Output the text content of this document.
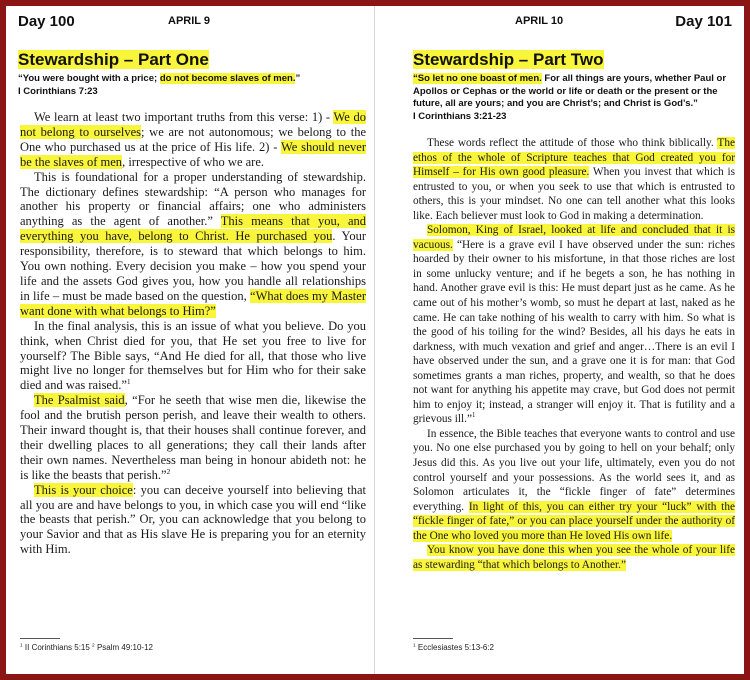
Day 100	APRIL 9
Stewardship – Part One
“You were bought with a price; do not become slaves of men.”
I Corinthians 7:23

We learn at least two important truths from this verse: 1) - We do not belong to ourselves; we are not autonomous; we belong to the One who purchased us at the price of His life. 2) - We should never be the slaves of men, irrespective of who we are.

This is foundational for a proper understanding of stewardship. The dictionary defines stewardship: “A person who manages for another his property or financial affairs; one who administers anything as the agent of another.” This means that you, and everything you have, belong to Christ. He purchased you. Your responsibility, therefore, is to steward that which belongs to him. You own nothing. Every decision you make – how you spend your life and the assets God gives you, how you handle all relationships in life – must be made based on the question, “What does my Master want done with what belongs to Him?”

In the final analysis, this is an issue of what you believe. Do you think, when Christ died for you, that He set you free to live for yourself? The Bible says, “And He died for all, that those who live might live no longer for themselves but for Him who for their sake died and was raised.”$^1$

The Psalmist said, “For he seeth that wise men die, likewise the fool and the brutish person perish, and leave their wealth to others. Their inward thought is, that their houses shall continue forever, and their dwelling places to all generations; they call their lands after their own names. Nevertheless man being in honour abideth not: he is like the beasts that perish.”$^2$

This is your choice: you can deceive yourself into believing that all you are and have belongs to you, in which case you will end “like the beasts that perish.” Or, you can acknowledge that you belong to your Savior and that as His slave He is preparing you for an eternity with Him.

$^1$ II Corinthians 5:15 $^2$ Psalm 49:10-12
APRIL 10	Day 101
Stewardship – Part Two
“So let no one boast of men. For all things are yours, whether Paul or Apollos or Cephas or the world or life or death or the present or the future, all are yours; and you are Christ’s; and Christ is God’s.”
I Corinthians 3:21-23

These words reflect the attitude of those who think biblically. The ethos of the whole of Scripture teaches that God created you for Himself – for His own good pleasure. When you invest that which is entrusted to you, or when you seek to use that which is entrusted to others, this is your mindset. No one can tell another what this looks like. Each believer must look to God in making a determination.

Solomon, King of Israel, looked at life and concluded that it is vacuous. “Here is a grave evil I have observed under the sun: riches hoarded by their owner to his misfortune, in that those riches are lost in some unlucky venture; and if he begets a son, he has nothing in hand. Another grave evil is this: He must depart just as he came. As he came out of his mother’s womb, so must he depart at last, naked as he came. He can take nothing of his wealth to carry with him. So what is the good of his toiling for the wind? Besides, all his days he eats in darkness, with much vexation and grief and anger…There is an evil I have observed under the sun, and a grave one it is for man: that God sometimes grants a man riches, property, and wealth, so that he does not want for anything his appetite may crave, but God does not permit him to enjoy it; instead, a stranger will enjoy it. That is futility and a grievous ill.”$^1$

In essence, the Bible teaches that everyone wants to control and use you. No one else purchased you by going to hell on your behalf; only Jesus did this. As you live out your life, ultimately, even you do not control yourself and your possessions. As the world sees it, and as Solomon articulates it, the “fickle finger of fate” determines everything. In light of this, you can either try your “luck” with the “fickle finger of fate,” or you can place yourself under the authority of the One who loved you more than He loved His own life.

You know you have done this when you see the whole of your life as stewarding “that which belongs to Another.”

$^1$ Ecclesiastes 5:13-6:2
